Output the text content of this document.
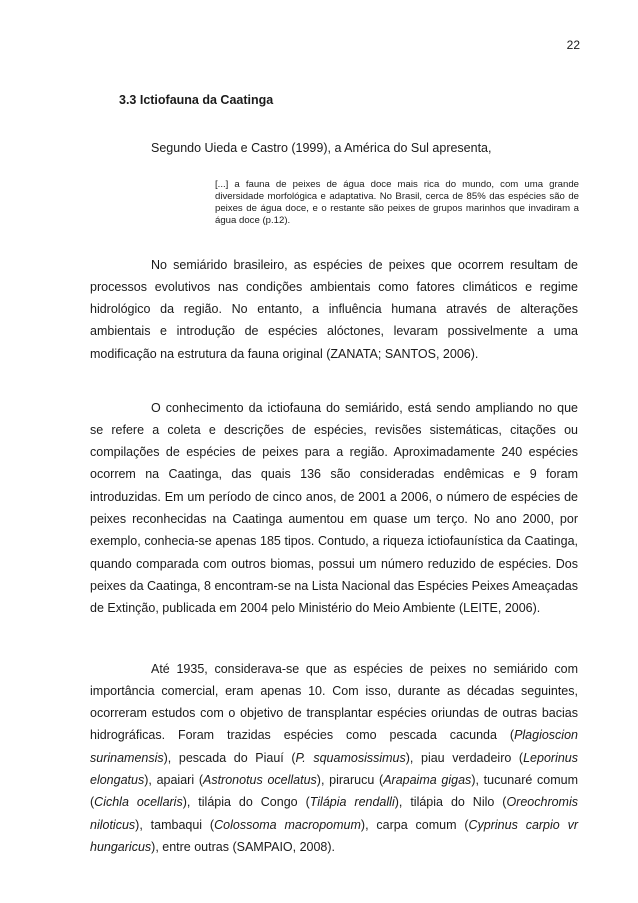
22
3.3 Ictiofauna da Caatinga
Segundo Uieda e Castro (1999), a América do Sul apresenta,
[...] a fauna de peixes de água doce mais rica do mundo, com uma grande diversidade morfológica e adaptativa. No Brasil, cerca de 85% das espécies são de peixes de água doce, e o restante são peixes de grupos marinhos que invadiram a água doce (p.12).

No semiárido brasileiro, as espécies de peixes que ocorrem resultam de processos evolutivos nas condições ambientais como fatores climáticos e regime hidrológico da região. No entanto, a influência humana através de alterações ambientais e introdução de espécies alóctones, levaram possivelmente a uma modificação na estrutura da fauna original (ZANATA; SANTOS, 2006).

O conhecimento da ictiofauna do semiárido, está sendo ampliando no que se refere a coleta e descrições de espécies, revisões sistemáticas, citações ou compilações de espécies de peixes para a região. Aproximadamente 240 espécies ocorrem na Caatinga, das quais 136 são consideradas endêmicas e 9 foram introduzidas. Em um período de cinco anos, de 2001 a 2006, o número de espécies de peixes reconhecidas na Caatinga aumentou em quase um terço. No ano 2000, por exemplo, conhecia-se apenas 185 tipos. Contudo, a riqueza ictiofaunística da Caatinga, quando comparada com outros biomas, possui um número reduzido de espécies. Dos peixes da Caatinga, 8 encontram-se na Lista Nacional das Espécies Peixes Ameaçadas de Extinção, publicada em 2004 pelo Ministério do Meio Ambiente (LEITE, 2006).

Até 1935, considerava-se que as espécies de peixes no semiárido com importância comercial, eram apenas 10. Com isso, durante as décadas seguintes, ocorreram estudos com o objetivo de transplantar espécies oriundas de outras bacias hidrográficas. Foram trazidas espécies como pescada cacunda (Plagioscion surinamensis), pescada do Piauí (P. squamosissimus), piau verdadeiro (Leporinus elongatus), apaiari (Astronotus ocellatus), pirarucu (Arapaima gigas), tucunaré comum (Cichla ocellaris), tilápia do Congo (Tilápia rendalli), tilápia do Nilo (Oreochromis niloticus), tambaqui (Colossoma macropomum), carpa comum (Cyprinus carpio vr hungaricus), entre outras (SAMPAIO, 2008).
